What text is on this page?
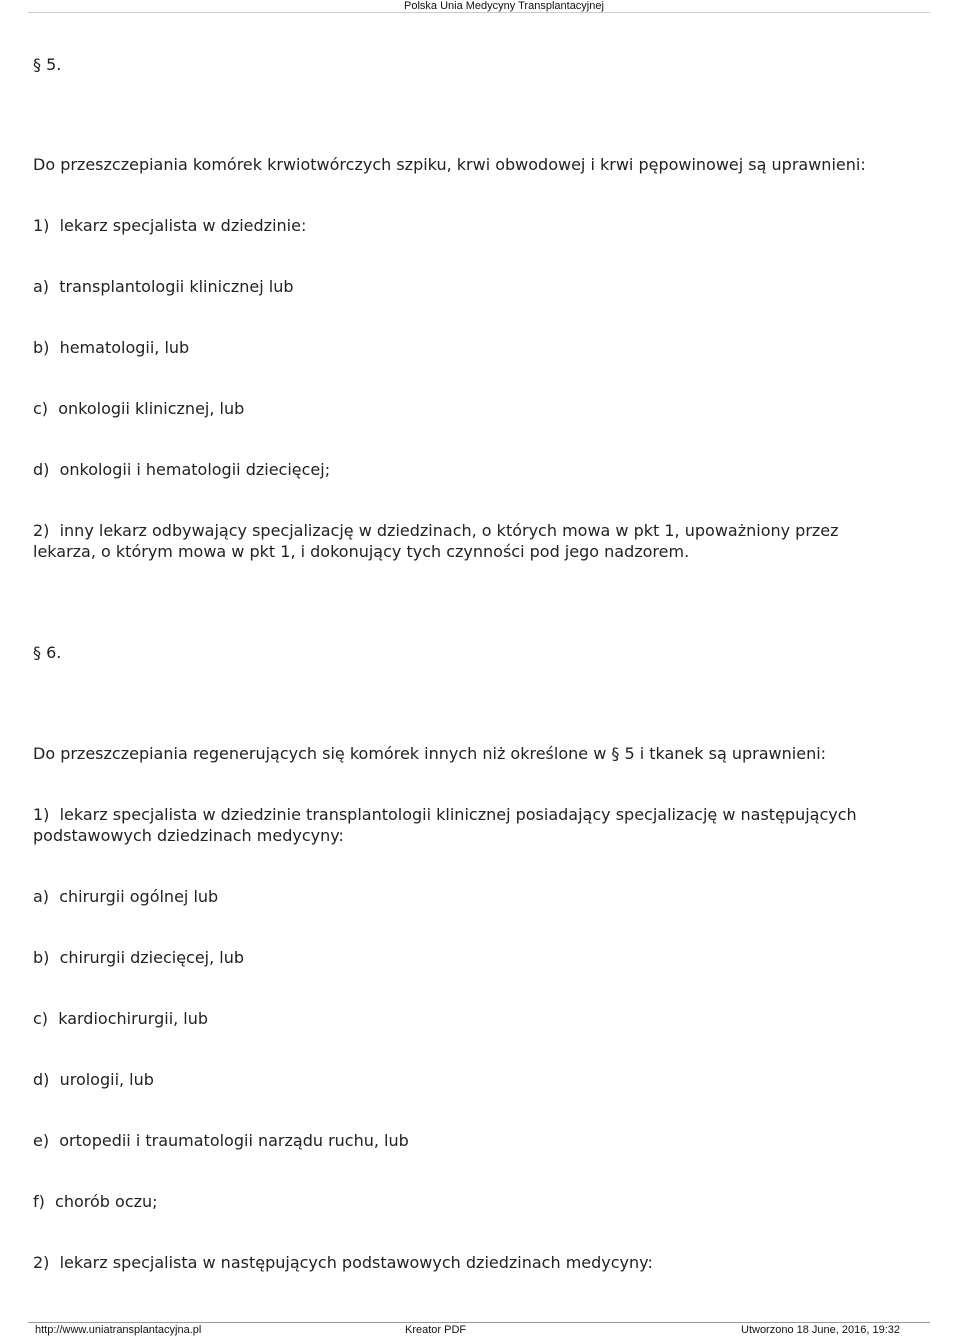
Polska Unia Medycyny Transplantacyjnej
§ 5.
Do przeszczepiania komórek krwiotwórczych szpiku, krwi obwodowej i krwi pępowinowej są uprawnieni:
1)  lekarz specjalista w dziedzinie:
a)  transplantologii klinicznej lub
b)  hematologii, lub
c)  onkologii klinicznej, lub
d)  onkologii i hematologii dziecięcej;
2)  inny lekarz odbywający specjalizację w dziedzinach, o których mowa w pkt 1, upoważniony przez
lekarza, o którym mowa w pkt 1, i dokonujący tych czynności pod jego nadzorem.
§ 6.
Do przeszczepiania regenerujących się komórek innych niż określone w § 5 i tkanek są uprawnieni:
1)  lekarz specjalista w dziedzinie transplantologii klinicznej posiadający specjalizację w następujących
podstawowych dziedzinach medycyny:
a)  chirurgii ogólnej lub
b)  chirurgii dziecięcej, lub
c)  kardiochirurgii, lub
d)  urologii, lub
e)  ortopedii i traumatologii narządu ruchu, lub
f)  chorób oczu;
2)  lekarz specjalista w następujących podstawowych dziedzinach medycyny:
http://www.uniatransplantacyjna.pl	Kreator PDF	Utworzono 18 June, 2016, 19:32
